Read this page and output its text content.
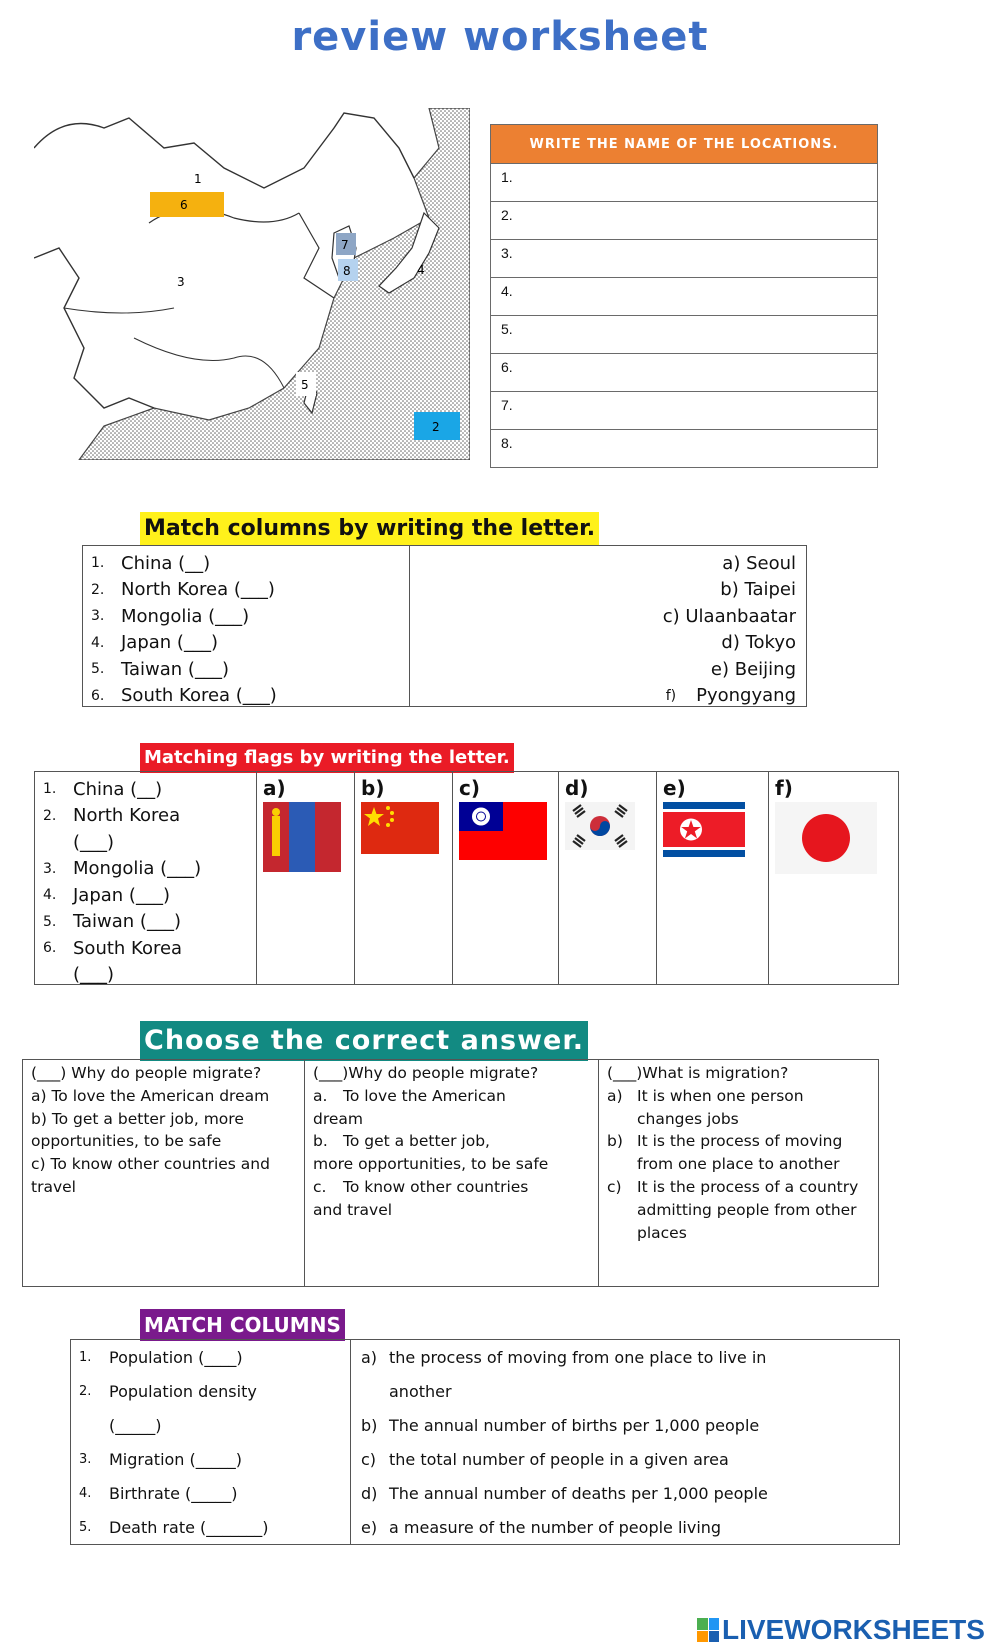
review worksheet
1
6
3
7
8	4
5
2
WRITE THE NAME OF THE LOCATIONS.
1.
2.
3.
4.
5.
6.
7.
8.
Match columns by writing the letter.
1. China (__)
2. North Korea (___)
3. Mongolia (___)
4. Japan (___)
5. Taiwan (___)
6. South Korea (___)
a) Seoul
b) Taipei
c) Ulaanbaatar
d) Tokyo
e) Beijing
f) Pyongyang
Matching flags by writing the letter.
1. China (__)
2. North Korea
(___)
3. Mongolia (___)
4. Japan (___)
5. Taiwan (___)
6. South Korea
(___)
a)	b)	c)	d)	e)	f)
Choose the correct answer.
(___) Why do people migrate?
a) To love the American dream
b) To get a better job, more opportunities, to be safe
c) To know other countries and travel
(___)Why do people migrate?
a.	To love the American
dream
b. To get a better job,
more opportunities, to be safe
c.	To know other countries
and travel
(___)What is migration?
a) It is when one person changes jobs
b) It is the process of moving from one place to another
c) It is the process of a country admitting people from other places
MATCH COLUMNS
1.	Population (____)
2.	Population density
(_____)
3.	Migration (_____)
4.	Birthrate (_____)
5.	Death rate (_______)
a) the process of moving from one place to live in
another
b) The annual number of births per 1,000 people
c) the total number of people in a given area
d) The annual number of deaths per 1,000 people
e) a measure of the number of people living
LIVEWORKSHEETS
